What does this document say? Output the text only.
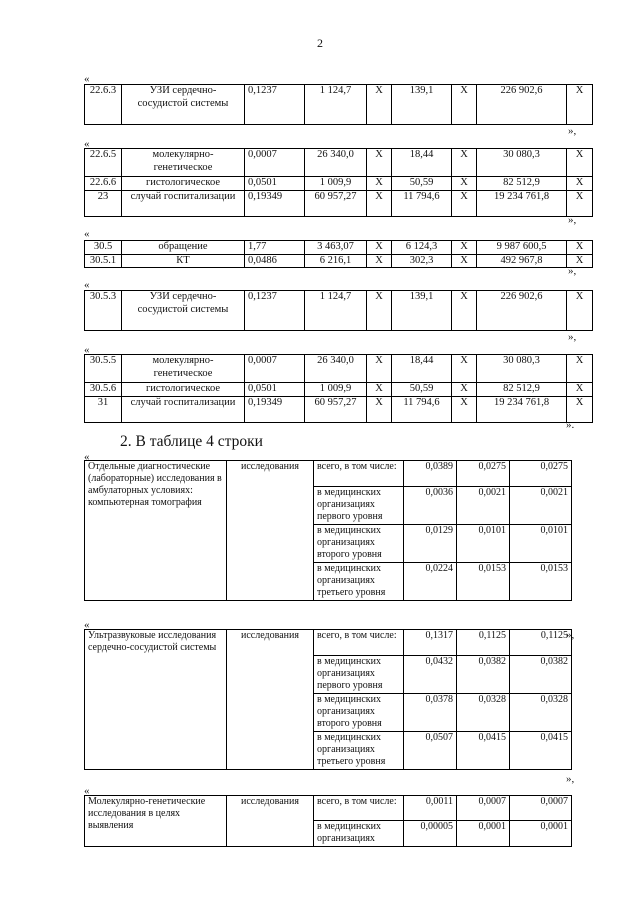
2
«
22.6.3	УЗИ сердечно-сосудистой системы	0,1237	1 124,7	X	139,1	X	226 902,6	X
»,
«
22.6.5	молекулярно-генетическое	0,0007	26 340,0	X	18,44	X	30 080,3	X
22.6.6	гистологическое	0,0501	1 009,9	X	50,59	X	82 512,9	X
23	случай госпитализации	0,19349	60 957,27	X	11 794,6	X	19 234 761,8	X
»,
«
30.5	обращение	1,77	3 463,07	X	6 124,3	X	9 987 600,5	X
30.5.1	КТ	0,0486	6 216,1	X	302,3	X	492 967,8	X
»,
«
30.5.3	УЗИ сердечно-сосудистой системы	0,1237	1 124,7	X	139,1	X	226 902,6	X
»,
«
30.5.5	молекулярно-генетическое	0,0007	26 340,0	X	18,44	X	30 080,3	X
30.5.6	гистологическое	0,0501	1 009,9	X	50,59	X	82 512,9	X
31	случай госпитализации	0,19349	60 957,27	X	11 794,6	X	19 234 761,8	X
».
2. В таблице 4 строки
«
Отдельные диагностические (лабораторные) исследования в амбулаторных условиях: компьютерная томография	исследования	всего, в том числе:	0,0389	0,0275	0,0275
		в медицинских организациях первого уровня	0,0036	0,0021	0,0021
		в медицинских организациях второго уровня	0,0129	0,0101	0,0101
		в медицинских организациях третьего уровня	0,0224	0,0153	0,0153
»,
«
Ультразвуковые исследования сердечно-сосудистой системы	исследования	всего, в том числе:	0,1317	0,1125	0,1125
		в медицинских организациях первого уровня	0,0432	0,0382	0,0382
		в медицинских организациях второго уровня	0,0378	0,0328	0,0328
		в медицинских организациях третьего уровня	0,0507	0,0415	0,0415
»,
«
Молекулярно-генетические исследования в целях выявления	исследования	всего, в том числе:	0,0011	0,0007	0,0007
		в медицинских организациях	0,00005	0,0001	0,0001
